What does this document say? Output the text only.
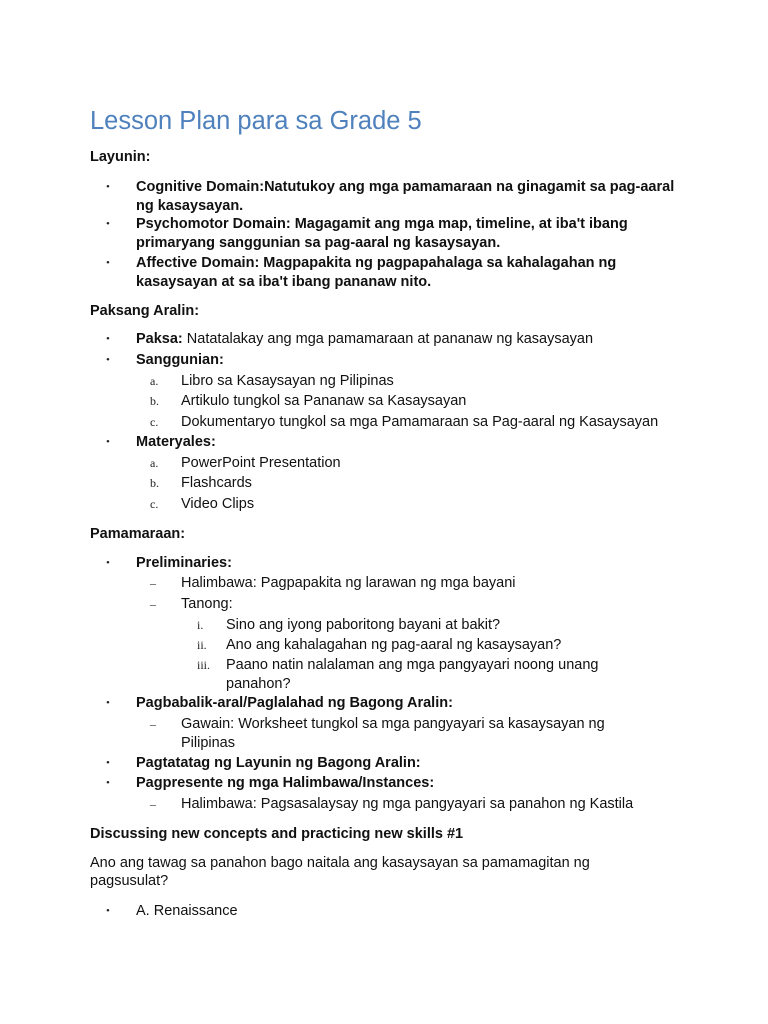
Lesson Plan para sa Grade 5
Layunin:
• Cognitive Domain:Natutukoy ang mga pamamaraan na ginagamit sa pag-aaral ng kasaysayan.
• Psychomotor Domain: Magagamit ang mga map, timeline, at iba't ibang primaryang sanggunian sa pag-aaral ng kasaysayan.
• Affective Domain: Magpapakita ng pagpapahalaga sa kahalagahan ng kasaysayan at sa iba't ibang pananaw nito.
Paksang Aralin:
• Paksa: Natatalakay ang mga pamamaraan at pananaw ng kasaysayan
• Sanggunian:
a. Libro sa Kasaysayan ng Pilipinas
b. Artikulo tungkol sa Pananaw sa Kasaysayan
c. Dokumentaryo tungkol sa mga Pamamaraan sa Pag-aaral ng Kasaysayan
• Materyales:
a. PowerPoint Presentation
b. Flashcards
c. Video Clips
Pamamaraan:
• Preliminaries:
– Halimbawa: Pagpapakita ng larawan ng mga bayani
– Tanong:
i. Sino ang iyong paboritong bayani at bakit?
ii. Ano ang kahalagahan ng pag-aaral ng kasaysayan?
iii. Paano natin nalalaman ang mga pangyayari noong unang panahon?
• Pagbabalik-aral/Paglalahad ng Bagong Aralin:
– Gawain: Worksheet tungkol sa mga pangyayari sa kasaysayan ng Pilipinas
• Pagtatatag ng Layunin ng Bagong Aralin:
• Pagpresente ng mga Halimbawa/Instances:
– Halimbawa: Pagsasalaysay ng mga pangyayari sa panahon ng Kastila
Discussing new concepts and practicing new skills #1
Ano ang tawag sa panahon bago naitala ang kasaysayan sa pamamagitan ng pagsusulat?
• A. Renaissance
